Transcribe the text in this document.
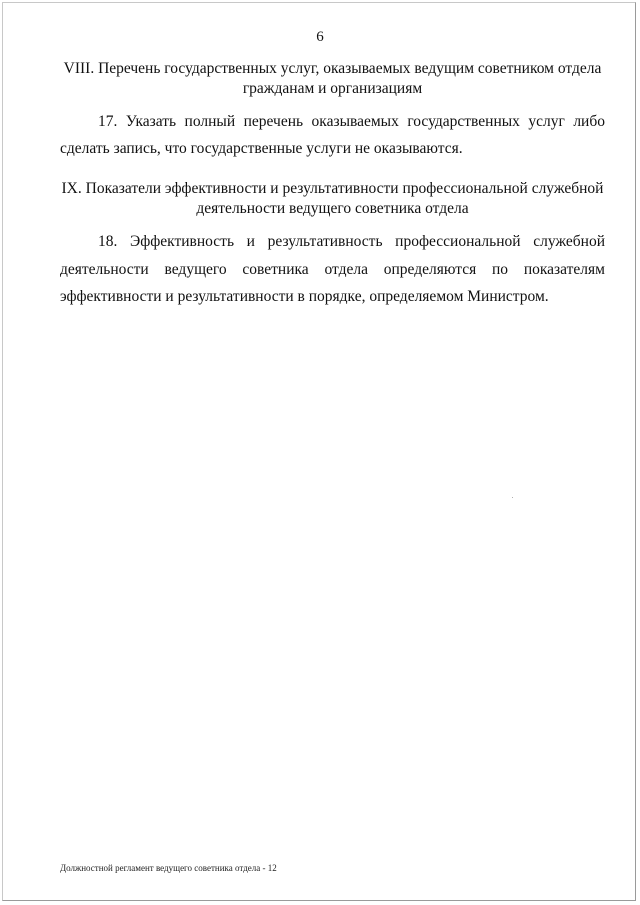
6
VIII. Перечень государственных услуг, оказываемых ведущим советником отдела
гражданам и организациям
17. Указать полный перечень оказываемых государственных услуг либо
сделать запись, что государственные услуги не оказываются.
IX. Показатели эффективности и результативности профессиональной служебной
деятельности ведущего советника отдела
18. Эффективность и результативность профессиональной служебной
деятельности ведущего советника отдела определяются по показателям
эффективности и результативности в порядке, определяемом Министром.
Должностной регламент ведущего советника отдела - 12
